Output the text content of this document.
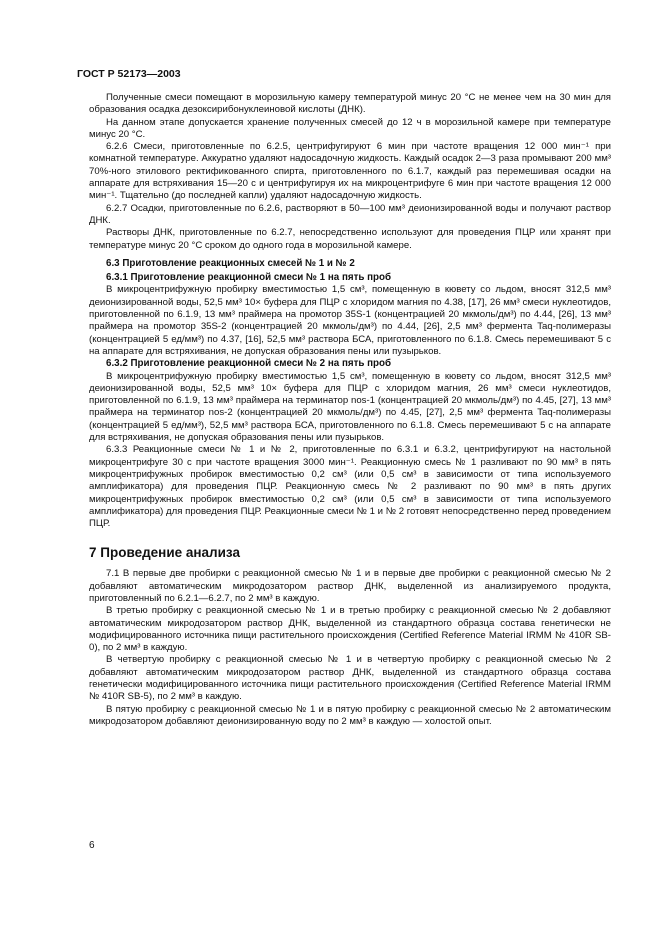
ГОСТ Р 52173—2003

Полученные смеси помещают в морозильную камеру температурой минус 20 °С не менее чем на 30 мин для образования осадка дезоксирибонуклеиновой кислоты (ДНК).

На данном этапе допускается хранение полученных смесей до 12 ч в морозильной камере при температуре минус 20 °С.

6.2.6 Смеси, приготовленные по 6.2.5, центрифугируют 6 мин при частоте вращения 12 000 мин⁻¹ при комнатной температуре. Аккуратно удаляют надосадочную жидкость. Каждый осадок 2—3 раза промывают 200 мм³ 70%-ного этилового ректификованного спирта, приготовленного по 6.1.7, каждый раз перемешивая осадки на аппарате для встряхивания 15—20 с и центрифугируя их на микроцентрифуге 6 мин при частоте вращения 12 000 мин⁻¹. Тщательно (до последней капли) удаляют надосадочную жидкость.

6.2.7 Осадки, приготовленные по 6.2.6, растворяют в 50—100 мм³ деионизированной воды и получают раствор ДНК.

Растворы ДНК, приготовленные по 6.2.7, непосредственно используют для проведения ПЦР или хранят при температуре минус 20 °С сроком до одного года в морозильной камере.

6.3 Приготовление реакционных смесей № 1 и № 2

6.3.1 Приготовление реакционной смеси № 1 на пять проб

В микроцентрифужную пробирку вместимостью 1,5 см³, помещенную в кювету со льдом, вносят 312,5 мм³ деионизированной воды, 52,5 мм³ 10× буфера для ПЦР с хлоридом магния по 4.38, [17], 26 мм³ смеси нуклеотидов, приготовленной по 6.1.9, 13 мм³ праймера на промотор 35S-1 (концентрацией 20 мкмоль/дм³) по 4.44, [26], 13 мм³ праймера на промотор 35S-2 (концентрацией 20 мкмоль/дм³) по 4.44, [26], 2,5 мм³ фермента Taq-полимеразы (концентрацией 5 ед/мм³) по 4.37, [16], 52,5 мм³ раствора БСА, приготовленного по 6.1.8. Смесь перемешивают 5 с на аппарате для встряхивания, не допуская образования пены или пузырьков.

6.3.2 Приготовление реакционной смеси № 2 на пять проб

В микроцентрифужную пробирку вместимостью 1,5 см³, помещенную в кювету со льдом, вносят 312,5 мм³ деионизированной воды, 52,5 мм³ 10× буфера для ПЦР с хлоридом магния, 26 мм³ смеси нуклеотидов, приготовленной по 6.1.9, 13 мм³ праймера на терминатор nos-1 (концентрацией 20 мкмоль/дм³) по 4.45, [27], 13 мм³ праймера на терминатор nos-2 (концентрацией 20 мкмоль/дм³) по 4.45, [27], 2,5 мм³ фермента Taq-полимеразы (концентрацией 5 ед/мм³), 52,5 мм³ раствора БСА, приготовленного по 6.1.8. Смесь перемешивают 5 с на аппарате для встряхивания, не допуская образования пены или пузырьков.

6.3.3 Реакционные смеси № 1 и № 2, приготовленные по 6.3.1 и 6.3.2, центрифугируют на настольной микроцентрифуге 30 с при частоте вращения 3000 мин⁻¹. Реакционную смесь № 1 разливают по 90 мм³ в пять микроцентрифужных пробирок вместимостью 0,2 см³ (или 0,5 см³ в зависимости от типа используемого амплификатора) для проведения ПЦР. Реакционную смесь № 2 разливают по 90 мм³ в пять других микроцентрифужных пробирок вместимостью 0,2 см³ (или 0,5 см³ в зависимости от типа используемого амплификатора) для проведения ПЦР. Реакционные смеси № 1 и № 2 готовят непосредственно перед проведением ПЦР.

7 Проведение анализа

7.1 В первые две пробирки с реакционной смесью № 1 и в первые две пробирки с реакционной смесью № 2 добавляют автоматическим микродозатором раствор ДНК, выделенной из анализируемого продукта, приготовленный по 6.2.1—6.2.7, по 2 мм³ в каждую.

В третью пробирку с реакционной смесью № 1 и в третью пробирку с реакционной смесью № 2 добавляют автоматическим микродозатором раствор ДНК, выделенной из стандартного образца состава генетически не модифицированного источника пищи растительного происхождения (Certified Reference Material IRMM № 410R SB-0), по 2 мм³ в каждую.

В четвертую пробирку с реакционной смесью № 1 и в четвертую пробирку с реакционной смесью № 2 добавляют автоматическим микродозатором раствор ДНК, выделенной из стандартного образца состава генетически модифицированного источника пищи растительного происхождения (Certified Reference Material IRMM № 410R SB-5), по 2 мм³ в каждую.

В пятую пробирку с реакционной смесью № 1 и в пятую пробирку с реакционной смесью № 2 автоматическим микродозатором добавляют деионизированную воду по 2 мм³ в каждую — холостой опыт.

6
